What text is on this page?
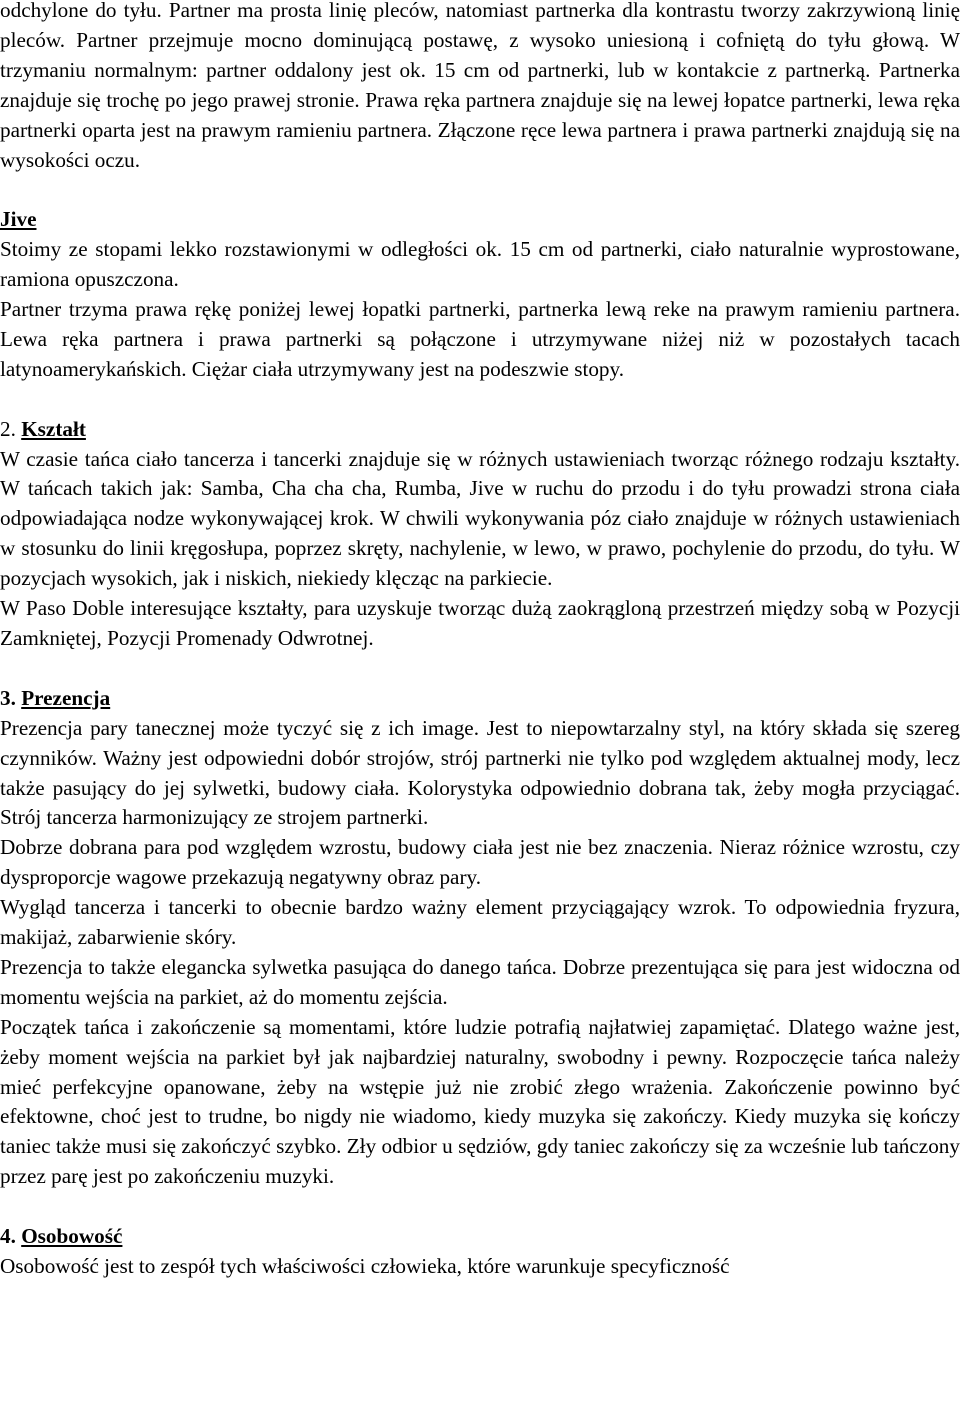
odchylone do tyłu. Partner ma prosta linię pleców, natomiast partnerka dla kontrastu tworzy zakrzywioną linię pleców. Partner przejmuje mocno dominującą postawę, z wysoko uniesioną i cofniętą do tyłu głową. W trzymaniu normalnym: partner oddalony jest ok. 15 cm od partnerki, lub w kontakcie z partnerką. Partnerka znajduje się trochę po jego prawej stronie. Prawa ręka partnera znajduje się na lewej łopatce partnerki, lewa ręka partnerki oparta jest na prawym ramieniu partnera. Złączone ręce lewa partnera i prawa partnerki znajdują się na wysokości oczu.

Jive

Stoimy ze stopami lekko rozstawionymi w odległości ok. 15 cm od partnerki, ciało naturalnie wyprostowane, ramiona opuszczona.

Partner trzyma prawa rękę poniżej lewej łopatki partnerki, partnerka lewą reke na prawym ramieniu partnera. Lewa ręka partnera i prawa partnerki są połączone i utrzymywane niżej niż w pozostałych tacach latynoamerykańskich. Ciężar ciała utrzymywany jest na podeszwie stopy.

2. Kształt

W czasie tańca ciało tancerza i tancerki znajduje się w różnych ustawieniach tworząc różnego rodzaju kształty. W tańcach takich jak: Samba, Cha cha cha, Rumba, Jive w ruchu do przodu i do tyłu prowadzi strona ciała odpowiadająca nodze wykonywającej krok. W chwili wykonywania póz ciało znajduje w różnych ustawieniach w stosunku do linii kręgosłupa, poprzez skręty, nachylenie, w lewo, w prawo, pochylenie do przodu, do tyłu. W pozycjach wysokich, jak i niskich, niekiedy klęcząc na parkiecie.

W Paso Doble interesujące kształty, para uzyskuje tworząc dużą zaokrągloną przestrzeń między sobą w Pozycji Zamkniętej, Pozycji Promenady Odwrotnej.

3. Prezencja

Prezencja pary tanecznej może tyczyć się z ich image. Jest to niepowtarzalny styl, na który składa się szereg czynników. Ważny jest odpowiedni dobór strojów, strój partnerki nie tylko pod względem aktualnej mody, lecz także pasujący do jej sylwetki, budowy ciała. Kolorystyka odpowiednio dobrana tak, żeby mogła przyciągać. Strój tancerza harmonizujący ze strojem partnerki.

Dobrze dobrana para pod względem wzrostu, budowy ciała jest nie bez znaczenia. Nieraz różnice wzrostu, czy dysproporcje wagowe przekazują negatywny obraz pary.

Wygląd tancerza i tancerki to obecnie bardzo ważny element przyciągający wzrok. To odpowiednia fryzura, makijaż, zabarwienie skóry.

Prezencja to także elegancka sylwetka pasująca do danego tańca. Dobrze prezentująca się para jest widoczna od momentu wejścia na parkiet, aż do momentu zejścia.

Początek tańca i zakończenie są momentami, które ludzie potrafią najłatwiej zapamiętać. Dlatego ważne jest, żeby moment wejścia na parkiet był jak najbardziej naturalny, swobodny i pewny. Rozpoczęcie tańca należy mieć perfekcyjne opanowane, żeby na wstępie już nie zrobić złego wrażenia. Zakończenie powinno być efektowne, choć jest to trudne, bo nigdy nie wiadomo, kiedy muzyka się zakończy. Kiedy muzyka się kończy taniec także musi się zakończyć szybko. Zły odbior u sędziów, gdy taniec zakończy się za wcześnie lub tańczony przez parę jest po zakończeniu muzyki.

4. Osobowość

Osobowość jest to zespół tych właściwości człowieka, które warunkuje specyficzność
